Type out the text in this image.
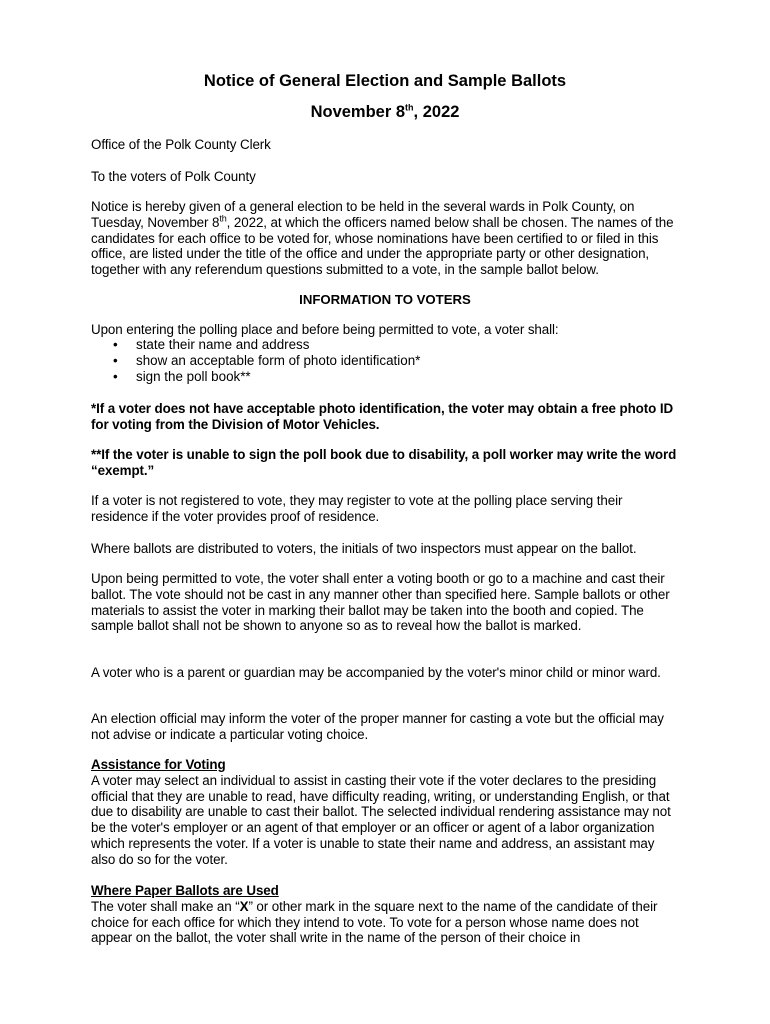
Notice of General Election and Sample Ballots
November 8th, 2022

Office of the Polk County Clerk

To the voters of Polk County

Notice is hereby given of a general election to be held in the several wards in Polk County, on Tuesday, November 8th, 2022, at which the officers named below shall be chosen. The names of the candidates for each office to be voted for, whose nominations have been certified to or filed in this office, are listed under the title of the office and under the appropriate party or other designation, together with any referendum questions submitted to a vote, in the sample ballot below.

INFORMATION TO VOTERS

Upon entering the polling place and before being permitted to vote, a voter shall:

• state their name and address
• show an acceptable form of photo identification*
• sign the poll book**

*If a voter does not have acceptable photo identification, the voter may obtain a free photo ID for voting from the Division of Motor Vehicles.

**If the voter is unable to sign the poll book due to disability, a poll worker may write the word “exempt.”

If a voter is not registered to vote, they may register to vote at the polling place serving their residence if the voter provides proof of residence.

Where ballots are distributed to voters, the initials of two inspectors must appear on the ballot.

Upon being permitted to vote, the voter shall enter a voting booth or go to a machine and cast their ballot. The vote should not be cast in any manner other than specified here. Sample ballots or other materials to assist the voter in marking their ballot may be taken into the booth and copied. The sample ballot shall not be shown to anyone so as to reveal how the ballot is marked.

A voter who is a parent or guardian may be accompanied by the voter's minor child or minor ward.

An election official may inform the voter of the proper manner for casting a vote but the official may not advise or indicate a particular voting choice.

Assistance for Voting
A voter may select an individual to assist in casting their vote if the voter declares to the presiding official that they are unable to read, have difficulty reading, writing, or understanding English, or that due to disability are unable to cast their ballot. The selected individual rendering assistance may not be the voter's employer or an agent of that employer or an officer or agent of a labor organization which represents the voter. If a voter is unable to state their name and address, an assistant may also do so for the voter.
Where Paper Ballots are Used
The voter shall make an “X” or other mark in the square next to the name of the candidate of their choice for each office for which they intend to vote. To vote for a person whose name does not appear on the ballot, the voter shall write in the name of the person of their choice in
